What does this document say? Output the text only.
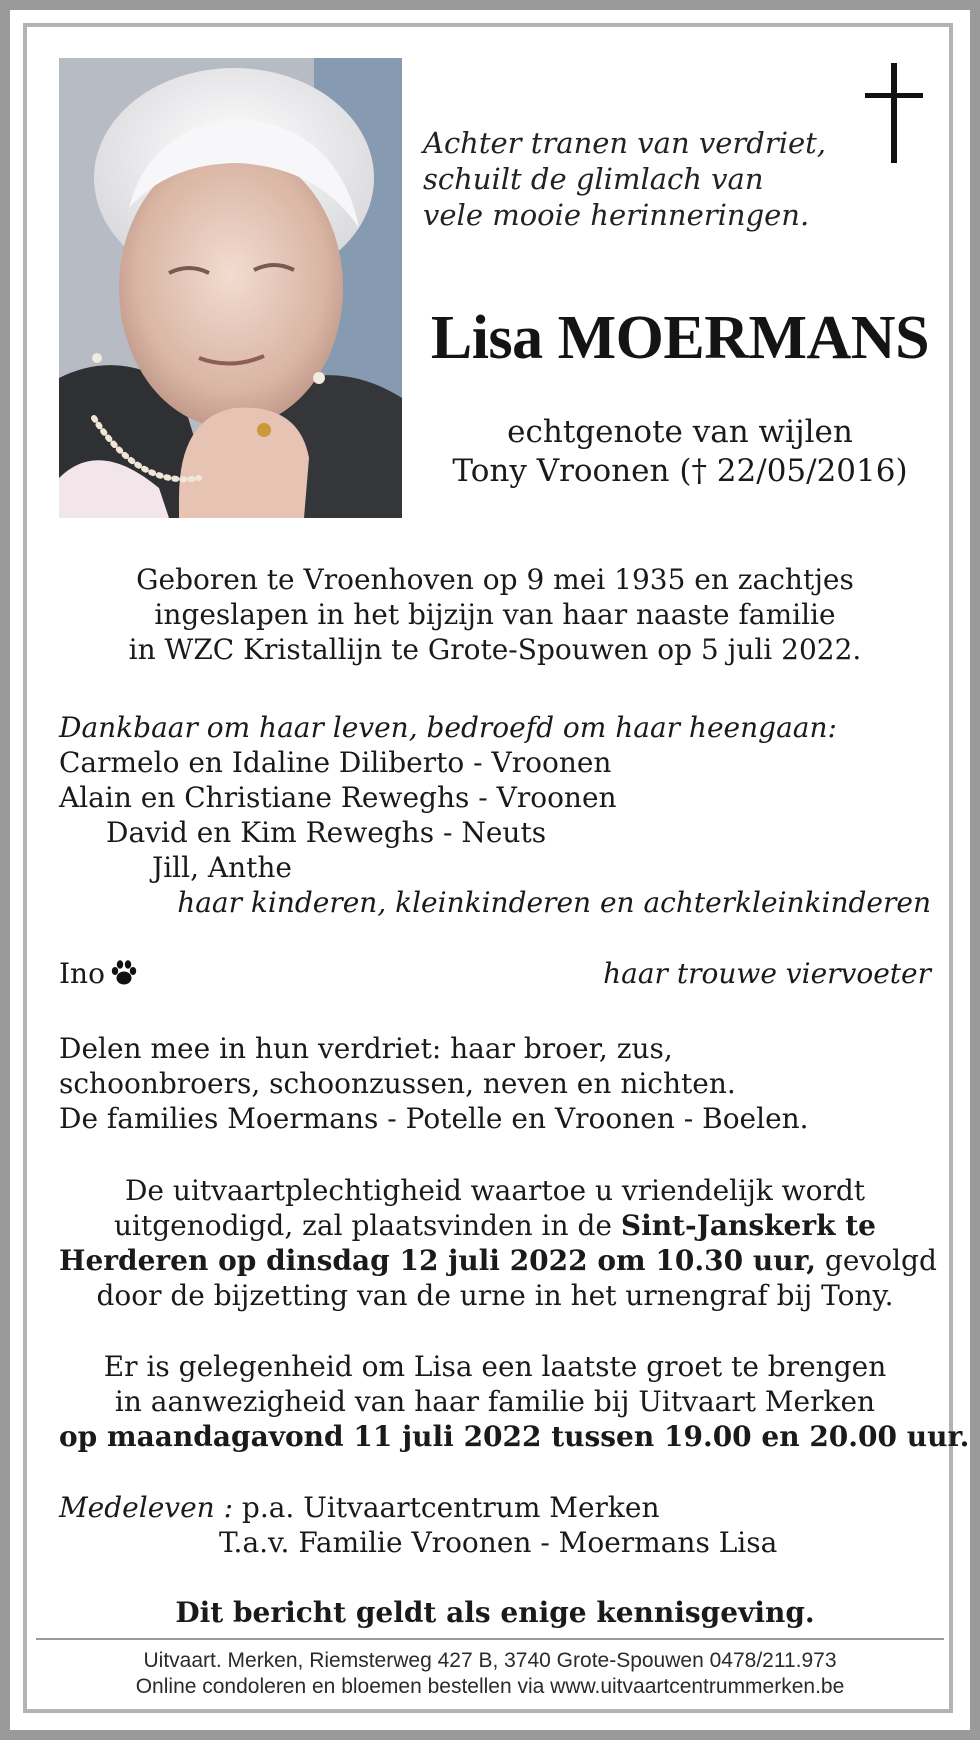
Achter tranen van verdriet,
schuilt de glimlach van
vele mooie herinneringen.
Lisa MOERMANS
echtgenote van wijlen
Tony Vroonen († 22/05/2016)
Geboren te Vroenhoven op 9 mei 1935 en zachtjes
ingeslapen in het bijzijn van haar naaste familie
in WZC Kristallijn te Grote-Spouwen op 5 juli 2022.
Dankbaar om haar leven, bedroefd om haar heengaan:
Carmelo en Idaline Diliberto - Vroonen
Alain en Christiane Reweghs - Vroonen
David en Kim Reweghs - Neuts
Jill, Anthe
haar kinderen, kleinkinderen en achterkleinkinderen
Ino	haar trouwe viervoeter
Delen mee in hun verdriet: haar broer, zus,
schoonbroers, schoonzussen, neven en nichten.
De families Moermans - Potelle en Vroonen - Boelen.
De uitvaartplechtigheid waartoe u vriendelijk wordt
uitgenodigd, zal plaatsvinden in de Sint-Janskerk te
Herderen op dinsdag 12 juli 2022 om 10.30 uur, gevolgd
door de bijzetting van de urne in het urnengraf bij Tony.
Er is gelegenheid om Lisa een laatste groet te brengen
in aanwezigheid van haar familie bij Uitvaart Merken
op maandagavond 11 juli 2022 tussen 19.00 en 20.00 uur.
Medeleven : p.a. Uitvaartcentrum Merken
T.a.v. Familie Vroonen - Moermans Lisa
Dit bericht geldt als enige kennisgeving.
Uitvaart. Merken, Riemsterweg 427 B, 3740 Grote-Spouwen 0478/211.973
Online condoleren en bloemen bestellen via www.uitvaartcentrummerken.be
